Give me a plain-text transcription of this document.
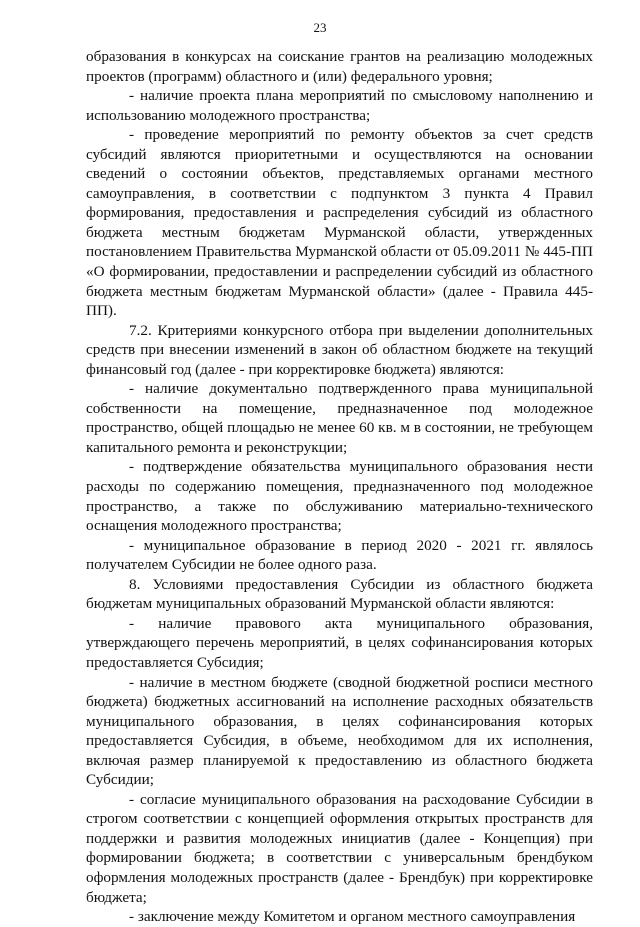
23

образования в конкурсах на соискание грантов на реализацию молодежных проектов (программ) областного и (или) федерального уровня;

- наличие проекта плана мероприятий по смысловому наполнению и использованию молодежного пространства;

- проведение мероприятий по ремонту объектов за счет средств субсидий являются приоритетными и осуществляются на основании сведений о состоянии объектов, представляемых органами местного самоуправления, в соответствии с подпунктом 3 пункта 4 Правил формирования, предоставления и распределения субсидий из областного бюджета местным бюджетам Мурманской области, утвержденных постановлением Правительства Мурманской области от 05.09.2011 № 445-ПП «О формировании, предоставлении и распределении субсидий из областного бюджета местным бюджетам Мурманской области» (далее - Правила 445-ПП).

7.2. Критериями конкурсного отбора при выделении дополнительных средств при внесении изменений в закон об областном бюджете на текущий финансовый год (далее - при корректировке бюджета) являются:

- наличие документально подтвержденного права муниципальной собственности на помещение, предназначенное под молодежное пространство, общей площадью не менее 60 кв. м в состоянии, не требующем капитального ремонта и реконструкции;

- подтверждение обязательства муниципального образования нести расходы по содержанию помещения, предназначенного под молодежное пространство, а также по обслуживанию материально-технического оснащения молодежного пространства;

- муниципальное образование в период 2020 - 2021 гг. являлось получателем Субсидии не более одного раза.

8. Условиями предоставления Субсидии из областного бюджета бюджетам муниципальных образований Мурманской области являются:

- наличие правового акта муниципального образования, утверждающего перечень мероприятий, в целях софинансирования которых предоставляется Субсидия;

- наличие в местном бюджете (сводной бюджетной росписи местного бюджета) бюджетных ассигнований на исполнение расходных обязательств муниципального образования, в целях софинансирования которых предоставляется Субсидия, в объеме, необходимом для их исполнения, включая размер планируемой к предоставлению из областного бюджета Субсидии;

- согласие муниципального образования на расходование Субсидии в строгом соответствии с концепцией оформления открытых пространств для поддержки и развития молодежных инициатив (далее - Концепция) при формировании бюджета; в соответствии с универсальным брендбуком оформления молодежных пространств (далее - Брендбук) при корректировке бюджета;

- заключение между Комитетом и органом местного самоуправления
